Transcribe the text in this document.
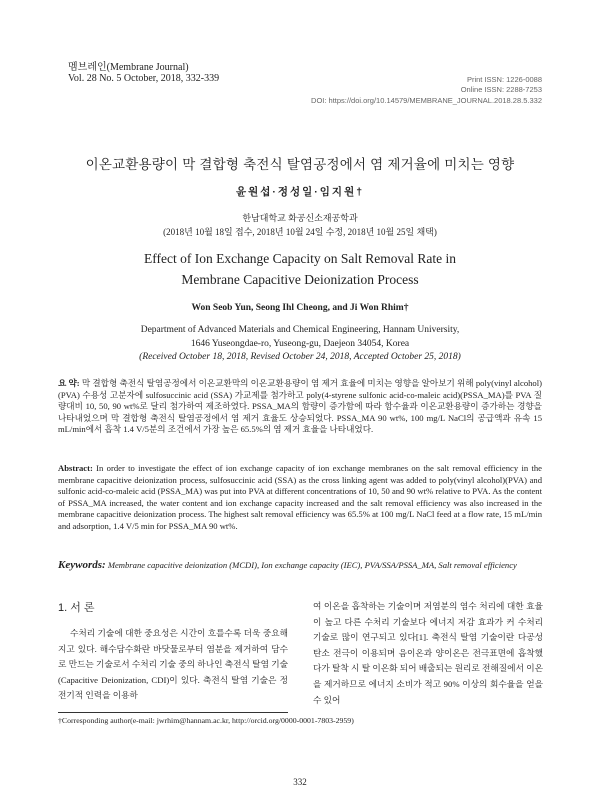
멤브레인(Membrane Journal)
Vol. 28 No. 5 October, 2018, 332-339	Print ISSN: 1226-0088
Online ISSN: 2288-7253
DOI: https://doi.org/10.14579/MEMBRANE_JOURNAL.2018.28.5.332
이온교환용량이 막 결합형 축전식 탈염공정에서 염 제거율에 미치는 영향
윤원섭·정성일·임지원†
한남대학교 화공신소재공학과
(2018년 10월 18일 접수, 2018년 10월 24일 수정, 2018년 10월 25일 채택)
Effect of Ion Exchange Capacity on Salt Removal Rate in
Membrane Capacitive Deionization Process
Won Seob Yun, Seong Ihl Cheong, and Ji Won Rhim†
Department of Advanced Materials and Chemical Engineering, Hannam University,
1646 Yuseongdae-ro, Yuseong-gu, Daejeon 34054, Korea
(Received October 18, 2018, Revised October 24, 2018, Accepted October 25, 2018)
요 약: 막 결합형 축전식 탈염공정에서 이온교환막의 이온교환용량이 염 제거 효율에 미치는 영향을 알아보기 위해 poly(vinyl alcohol)(PVA) 수용성 고분자에 sulfosuccinic acid (SSA) 가교제를 첨가하고 poly(4-styrene sulfonic acid-co-maleic acid)(PSSA_MA)를 PVA 질량대비 10, 50, 90 wt%로 달리 첨가하여 제조하였다. PSSA_MA의 함량이 증가함에 따라 함수율과 이온교환용량이 증가하는 경향을 나타내었으며 막 결합형 축전식 탈염공정에서 염 제거 효율도 상승되었다. PSSA_MA 90 wt%, 100 mg/L NaCl의 공급액과 유속 15 mL/min에서 흡착 1.4 V/5분의 조건에서 가장 높은 65.5%의 염 제거 효율을 나타내었다.
Abstract: In order to investigate the effect of ion exchange capacity of ion exchange membranes on the salt removal efficiency in the membrane capacitive deionization process, sulfosuccinic acid (SSA) as the cross linking agent was added to poly(vinyl alcohol)(PVA) and sulfonic acid-co-maleic acid (PSSA_MA) was put into PVA at different concentrations of 10, 50 and 90 wt% relative to PVA. As the content of PSSA_MA increased, the water content and ion exchange capacity increased and the salt removal efficiency was also increased in the membrane capacitive deionization process. The highest salt removal efficiency was 65.5% at 100 mg/L NaCl feed at a flow rate, 15 mL/min and adsorption, 1.4 V/5 min for PSSA_MA 90 wt%.
Keywords: Membrane capacitive deionization (MCDI), Ion exchange capacity (IEC), PVA/SSA/PSSA_MA, Salt removal efficiency
1. 서 론
수처리 기술에 대한 중요성은 시간이 흐를수록 더욱 중요해지고 있다. 해수담수화란 바닷물로부터 염분을 제거하여 담수로 만드는 기술로서 수처리 기술 중의 하나인 축전식 탈염 기술(Capacitive Deionization, CDI)이 있다. 축전식 탈염 기술은 정전기적 인력을 이용하
여 이온을 흡착하는 기술이며 저염분의 염수 처리에 대한 효율이 높고 다른 수처리 기술보다 에너지 저감 효과가 커 수처리 기술로 많이 연구되고 있다[1]. 축전식 탈염 기술이란 다공성 탄소 전극이 이용되며 음이온과 양이온은 전극표면에 흡착했다가 탈착 시 탈 이온화 되어 배출되는 원리로 전해질에서 이온을 제거하므로 에너지 소비가 적고 90% 이상의 회수율을 얻을 수 있어
†Corresponding author(e-mail: jwrhim@hannam.ac.kr, http://orcid.org/0000-0001-7803-2959)
332
